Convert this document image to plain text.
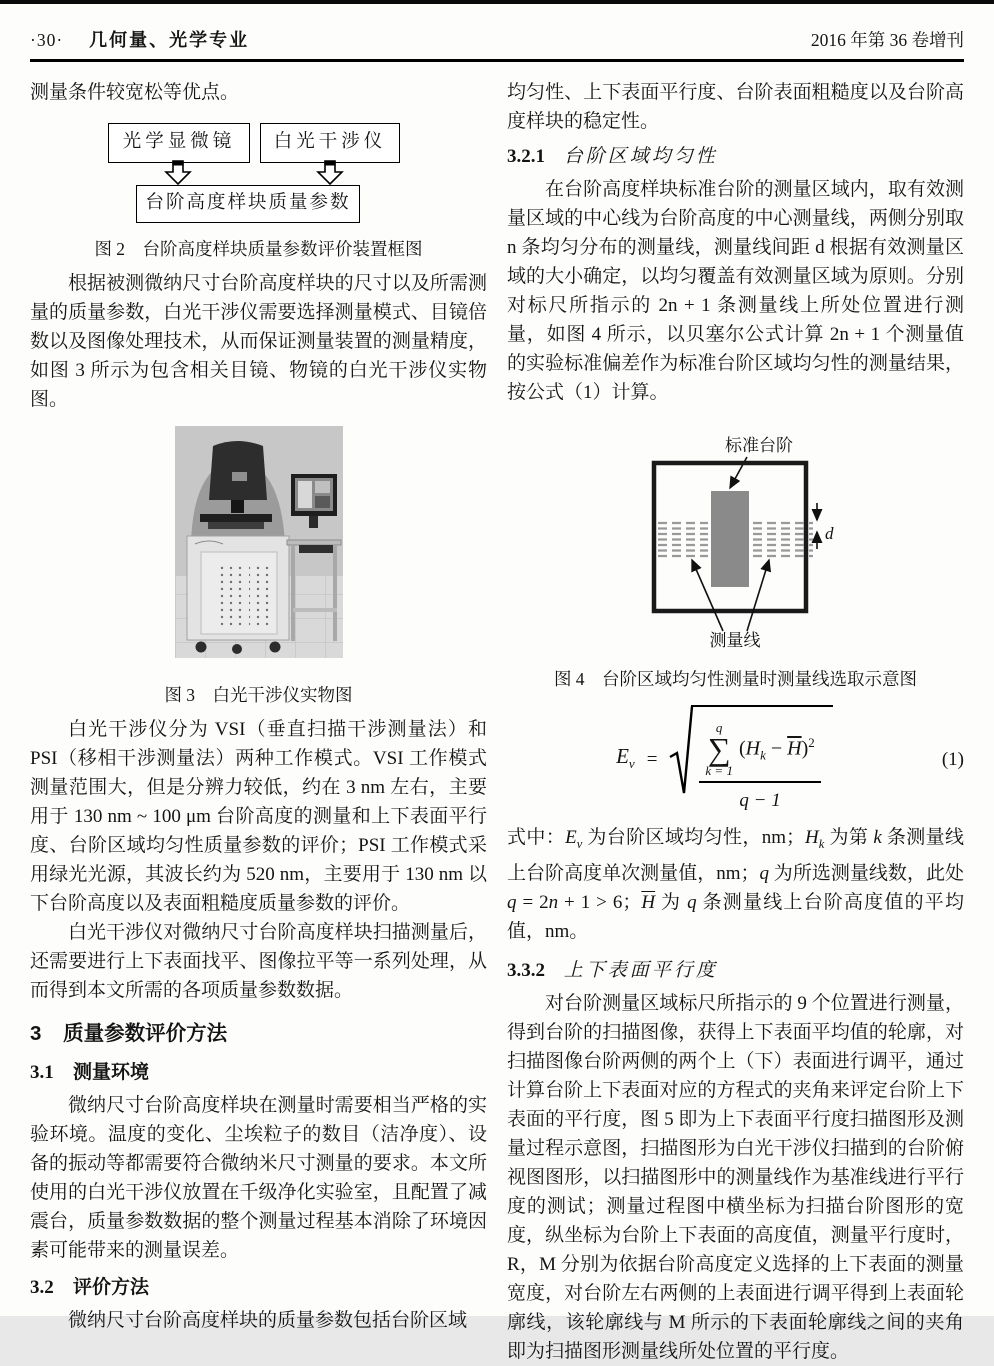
·30· 几何量、光学专业	2016 年第 36 卷增刊

测量条件较宽松等优点。

光学显微镜	白光干涉仪
台阶高度样块质量参数

图 2　台阶高度样块质量参数评价装置框图

根据被测微纳尺寸台阶高度样块的尺寸以及所需测量的质量参数，白光干涉仪需要选择测量模式、目镜倍数以及图像处理技术，从而保证测量装置的测量精度，如图 3 所示为包含相关目镜、物镜的白光干涉仪实物图。

图 3　白光干涉仪实物图

白光干涉仪分为 VSI（垂直扫描干涉测量法）和 PSI（移相干涉测量法）两种工作模式。VSI 工作模式测量范围大，但是分辨力较低，约在 3 nm 左右，主要用于 130 nm ~ 100 μm 台阶高度的测量和上下表面平行度、台阶区域均匀性质量参数的评价；PSI 工作模式采用绿光光源，其波长约为 520 nm，主要用于 130 nm 以下台阶高度以及表面粗糙度质量参数的评价。

白光干涉仪对微纳尺寸台阶高度样块扫描测量后，还需要进行上下表面找平、图像拉平等一系列处理，从而得到本文所需的各项质量参数数据。

3 质量参数评价方法

3.1 测量环境

微纳尺寸台阶高度样块在测量时需要相当严格的实验环境。温度的变化、尘埃粒子的数目（洁净度）、设备的振动等都需要符合微纳米尺寸测量的要求。本文所使用的白光干涉仪放置在千级净化实验室，且配置了减震台，质量参数数据的整个测量过程基本消除了环境因素可能带来的测量误差。

3.2 评价方法

微纳尺寸台阶高度样块的质量参数包括台阶区域

均匀性、上下表面平行度、台阶表面粗糙度以及台阶高度样块的稳定性。

3.2.1 台阶区域均匀性

在台阶高度样块标准台阶的测量区域内，取有效测量区域的中心线为台阶高度的中心测量线，两侧分别取 n 条均匀分布的测量线，测量线间距 d 根据有效测量区域的大小确定，以均匀覆盖有效测量区域为原则。分别对标尺所指示的 2n + 1 条测量线上所处位置进行测量，如图 4 所示，以贝塞尔公式计算 2n + 1 个测量值的实验标准偏差作为标准台阶区域均匀性的测量结果，按公式（1）计算。

标准台阶
d
测量线

图 4　台阶区域均匀性测量时测量线选取示意图

$E_v$ =
q
∑
k = 1
$(H_k - \overline{H})^2$
q − 1
(1)

式中：$E_v$ 为台阶区域均匀性，nm；$H_k$ 为第 k 条测量线上台阶高度单次测量值，nm；q 为所选测量线数，此处 q = 2n + 1 > 6；$\overline{H}$ 为 q 条测量线上台阶高度值的平均值，nm。

3.3.2 上下表面平行度

对台阶测量区域标尺所指示的 9 个位置进行测量，得到台阶的扫描图像，获得上下表面平均值的轮廓，对扫描图像台阶两侧的两个上（下）表面进行调平，通过计算台阶上下表面对应的方程式的夹角来评定台阶上下表面的平行度，图 5 即为上下表面平行度扫描图形及测量过程示意图，扫描图形为白光干涉仪扫描到的台阶俯视图图形，以扫描图形中的测量线作为基准线进行平行度的测试；测量过程图中横坐标为扫描台阶图形的宽度，纵坐标为台阶上下表面的高度值，测量平行度时，R，M 分别为依据台阶高度定义选择的上下表面的测量宽度，对台阶左右两侧的上表面进行调平得到上表面轮廓线，该轮廓线与 M 所示的下表面轮廓线之间的夹角即为扫描图形测量线所处位置的平行度。
